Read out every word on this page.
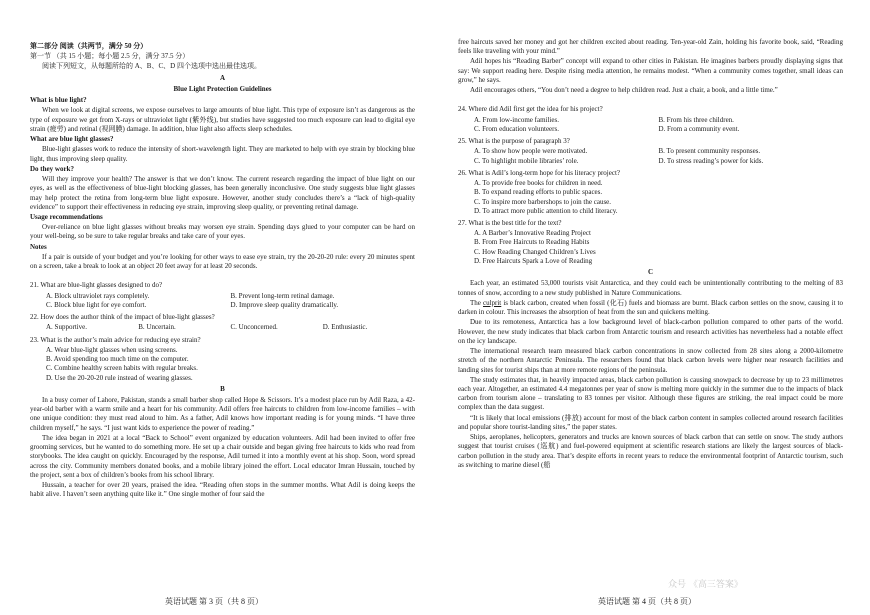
第二部分 阅读（共两节，满分 50 分）

第一节 （共 15 小题；每小题 2.5 分，满分 37.5 分）

阅读下列短文，从每题所给的 A、B、C、D 四个选项中选出最佳选项。

A

Blue Light Protection Guidelines

What is blue light?

When we look at digital screens, we expose ourselves to large amounts of blue light. This type of exposure isn’t as dangerous as the type of exposure we get from X-rays or ultraviolet light (紫外线), but studies have suggested too much exposure can lead to digital eye strain (疲劳) and retinal (视网膜) damage. In addition, blue light also affects sleep schedules.

What are blue light glasses?

Blue-light glasses work to reduce the intensity of short-wavelength light. They are marketed to help with eye strain by blocking blue light, thus improving sleep quality.

Do they work?

Will they improve your health? The answer is that we don’t know. The current research regarding the impact of blue light on our eyes, as well as the effectiveness of blue-light blocking glasses, has been generally inconclusive. One study suggests blue light glasses may help protect the retina from long-term blue light exposure. However, another study concludes there’s a “lack of high-quality evidence” to support their effectiveness in reducing eye strain, improving sleep quality, or preventing retinal damage.

Usage recommendations

Over-reliance on blue light glasses without breaks may worsen eye strain. Spending days glued to your computer can be hard on your well-being, so be sure to take regular breaks and take care of your eyes.

Notes

If a pair is outside of your budget and you’re looking for other ways to ease eye strain, try the 20-20-20 rule: every 20 minutes spent on a screen, take a break to look at an object 20 feet away for at least 20 seconds.

21. What are blue-light glasses designed to do?

A. Block ultraviolet rays completely.	B. Prevent long-term retinal damage.
C. Block blue light for eye comfort.	D. Improve sleep quality dramatically.

22. How does the author think of the impact of blue-light glasses?

A. Supportive.	B. Uncertain.	C. Unconcerned.	D. Enthusiastic.

23. What is the author’s main advice for reducing eye strain?

A. Wear blue-light glasses when using screens.
B. Avoid spending too much time on the computer.
C. Combine healthy screen habits with regular breaks.
D. Use the 20-20-20 rule instead of wearing glasses.

B

In a busy corner of Lahore, Pakistan, stands a small barber shop called Hope & Scissors. It’s a modest place run by Adil Raza, a 42-year-old barber with a warm smile and a heart for his community. Adil offers free haircuts to children from low-income families – with one unique condition: they must read aloud to him. As a father, Adil knows how important reading is for young minds. “I have three children myself,” he says. “I just want kids to experience the power of reading.”

The idea began in 2021 at a local “Back to School” event organized by education volunteers. Adil had been invited to offer free grooming services, but he wanted to do something more. He set up a chair outside and began giving free haircuts to kids who read from storybooks. The idea caught on quickly. Encouraged by the response, Adil turned it into a monthly event at his shop. Soon, word spread across the city. Community members donated books, and a mobile library joined the effort. Local educator Imran Hussain, touched by the project, sent a box of children’s books from his school library.

Hussain, a teacher for over 20 years, praised the idea. “Reading often stops in the summer months. What Adil is doing keeps the habit alive. I haven’t seen anything quite like it.” One single mother of four said the

free haircuts saved her money and got her children excited about reading. Ten-year-old Zain, holding his favorite book, said, “Reading feels like traveling with your mind.”

Adil hopes his “Reading Barber” concept will expand to other cities in Pakistan. He imagines barbers proudly displaying signs that say: We support reading here. Despite rising media attention, he remains modest. “When a community comes together, small ideas can grow,” he says.

Adil encourages others, “You don’t need a degree to help children read. Just a chair, a book, and a little time.”

24. Where did Adil first get the idea for his project?

A. From low-income families.	B. From his three children.
C. From education volunteers.	D. From a community event.

25. What is the purpose of paragraph 3?

A. To show how people were motivated.	B. To present community responses.
C. To highlight mobile libraries’ role.	D. To stress reading’s power for kids.

26. What is Adil’s long-term hope for his literacy project?

A. To provide free books for children in need.
B. To expand reading efforts to public spaces.
C. To inspire more barbershops to join the cause.
D. To attract more public attention to child literacy.

27. What is the best title for the text?

A. A Barber’s Innovative Reading Project
B. From Free Haircuts to Reading Habits
C. How Reading Changed Children’s Lives
D. Free Haircuts Spark a Love of Reading

C

Each year, an estimated 53,000 tourists visit Antarctica, and they could each be unintentionally contributing to the melting of 83 tonnes of snow, according to a new study published in Nature Communications.

The culprit is black carbon, created when fossil (化石) fuels and biomass are burnt. Black carbon settles on the snow, causing it to darken in colour. This increases the absorption of heat from the sun and quickens melting.

Due to its remoteness, Antarctica has a low background level of black-carbon pollution compared to other parts of the world. However, the new study indicates that black carbon from Antarctic tourism and research activities has nevertheless had a notable effect on the icy landscape.

The international research team measured black carbon concentrations in snow collected from 28 sites along a 2000-kilometre stretch of the northern Antarctic Peninsula. The researchers found that black carbon levels were higher near research facilities and landing sites for tourist ships than at more remote regions of the peninsula.

The study estimates that, in heavily impacted areas, black carbon pollution is causing snowpack to decrease by up to 23 millimetres each year. Altogether, an estimated 4.4 megatonnes per year of snow is melting more quickly in the summer due to the impacts of black carbon from tourism alone – translating to 83 tonnes per visitor. Although these figures are striking, the real impact could be more complex than the data suggest.

“It is likely that local emissions (排放) account for most of the black carbon content in samples collected around research facilities and popular shore tourist-landing sites,” the paper states.

Ships, aeroplanes, helicopters, generators and trucks are known sources of black carbon that can settle on snow. The study authors suggest that tourist cruises (巡航) and fuel-powered equipment at scientific research stations are likely the largest sources of black-carbon pollution in the study area. That’s despite efforts in recent years to reduce the environmental footprint of Antarctic tourism, such as switching to marine diesel (船

英语试题 第 3 页（共 8 页）	英语试题 第 4 页（共 8 页）
众号 《高三答案》
